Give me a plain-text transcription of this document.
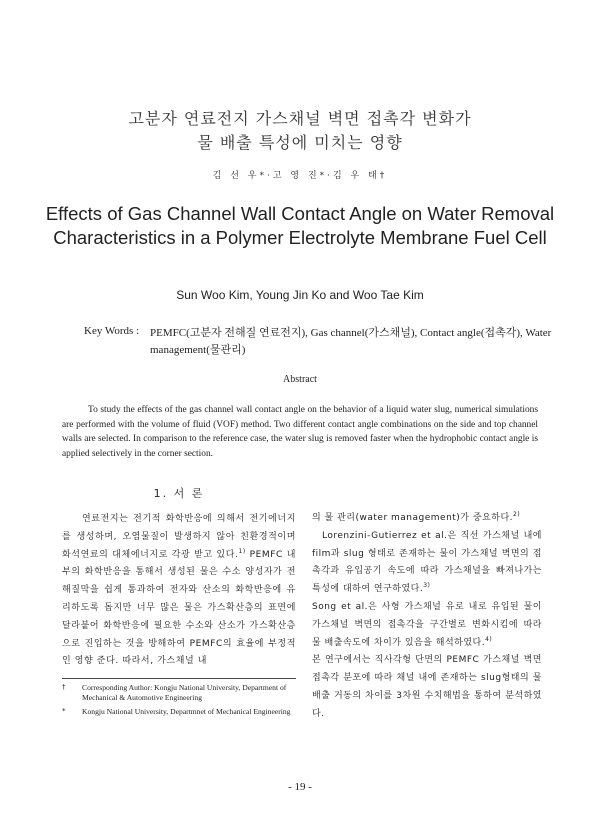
고분자 연료전지 가스채널 벽면 접촉각 변화가
물 배출 특성에 미치는 영향
김 선 우*·고 영 진*·김 우 태†
Effects of Gas Channel Wall Contact Angle on Water Removal Characteristics in a Polymer Electrolyte Membrane Fuel Cell
Sun Woo Kim, Young Jin Ko and Woo Tae Kim
Key Words : PEMFC(고분자 전해질 연료전지), Gas channel(가스채널), Contact angle(접촉각), Water management(물관리)
Abstract
To study the effects of the gas channel wall contact angle on the behavior of a liquid water slug, numerical simulations are performed with the volume of fluid (VOF) method. Two different contact angle combinations on the side and top channel walls are selected. In comparison to the reference case, the water slug is removed faster when the hydrophobic contact angle is applied selectively in the corner section.
1. 서 론
연료전지는 전기적 화학반응에 의해서 전기에너지를 생성하며, 오염물질이 발생하지 않아 친환경적이며 화석연료의 대체에너지로 각광 받고 있다.$^{1)}$ PEMFC 내부의 화학반응을 통해서 생성된 물은 수소 양성자가 전해질막을 쉽게 통과하여 전자와 산소의 화학반응에 유리하도록 돕지만 너무 많은 물은 가스확산층의 표면에 달라붙어 화학반응에 필요한 수소와 산소가 가스확산층으로 진입하는 것을 방해하여 PEMFC의 효율에 부정적인 영향 준다. 따라서, 가스채널 내

의 물 관리(water management)가 중요하다.$^{2)}$

Lorenzini-Gutierrez et al.은 직선 가스채널 내에 film과 slug 형태로 존재하는 물이 가스채널 벽면의 접촉각과 유입공기 속도에 따라 가스채널을 빠져나가는 특성에 대하여 연구하였다.$^{3)}$

Song et al.은 사형 가스채널 유로 내로 유입된 물이 가스채널 벽면의 접촉각을 구간별로 변화시킴에 따라 물 배출속도에 차이가 있음을 해석하였다.$^{4)}$

본 연구에서는 직사각형 단면의 PEMFC 가스채널 벽면 접촉각 분포에 따라 채널 내에 존재하는 slug형태의 물 배출 거동의 차이를 3차원 수치해법을 통하여 분석하였다.

† Corresponding Author: Kongju National University, Department of Mechanical & Automotive Engineering
* Kongju National University, Departmnet of Mechanical Engineering
- 19 -
